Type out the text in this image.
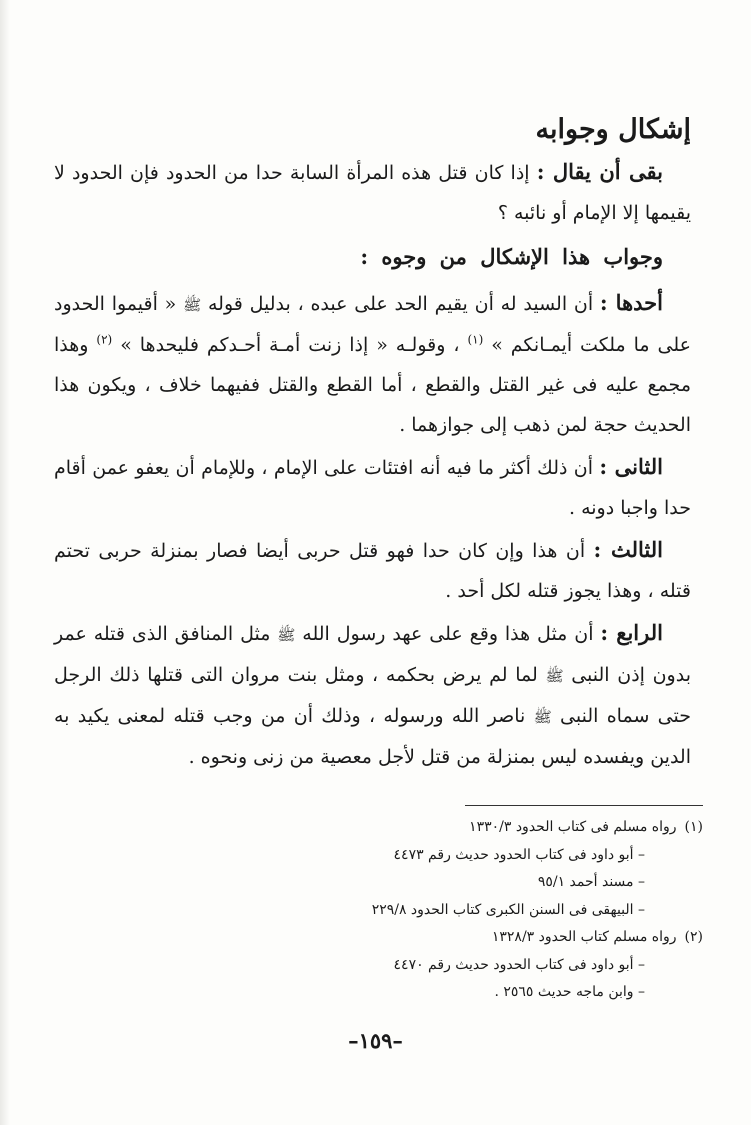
إشكال وجوابه

بقى أن يقال : إذا كان قتل هذه المرأة السابة حدا من الحدود فإن الحدود لا يقيمها إلا الإمام أو نائبه ؟

وجواب هذا الإشكال من وجوه :

أحدها : أن السيد له أن يقيم الحد على عبده ، بدليل قوله ﷺ « أقيموا الحدود على ما ملكت أيمـانكم » $^{(١)}$ ، وقولـه « إذا زنت أمـة أحـدكم فليحدها » $^{(٢)}$ وهذا مجمع عليه فى غير القتل والقطع ، أما القطع والقتل ففيهما خلاف ، ويكون هذا الحديث حجة لمن ذهب إلى جوازهما .

الثانى : أن ذلك أكثر ما فيه أنه افتئات على الإمام ، وللإمام أن يعفو عمن أقام حدا واجبا دونه .

الثالث : أن هذا وإن كان حدا فهو قتل حربى أيضا فصار بمنزلة حربى تحتم قتله ، وهذا يجوز قتله لكل أحد .

الرابع : أن مثل هذا وقع على عهد رسول الله ﷺ مثل المنافق الذى قتله عمر بدون إذن النبى ﷺ لما لم يرض بحكمه ، ومثل بنت مروان التى قتلها ذلك الرجل حتى سماه النبى ﷺ ناصر الله ورسوله ، وذلك أن من وجب قتله لمعنى يكيد به الدين ويفسده ليس بمنزلة من قتل لأجل معصية من زنى ونحوه .

(١) رواه مسلم فى كتاب الحدود ١٣٣٠/٣

– أبو داود فى كتاب الحدود حديث رقم ٤٤٧٣

– مسند أحمد ٩٥/١

– البيهقى فى السنن الكبرى كتاب الحدود ٢٢٩/٨

(٢) رواه مسلم كتاب الحدود ١٣٢٨/٣

– أبو داود فى كتاب الحدود حديث رقم ٤٤٧٠

– وابن ماجه حديث ٢٥٦٥ .

–١٥٩–
